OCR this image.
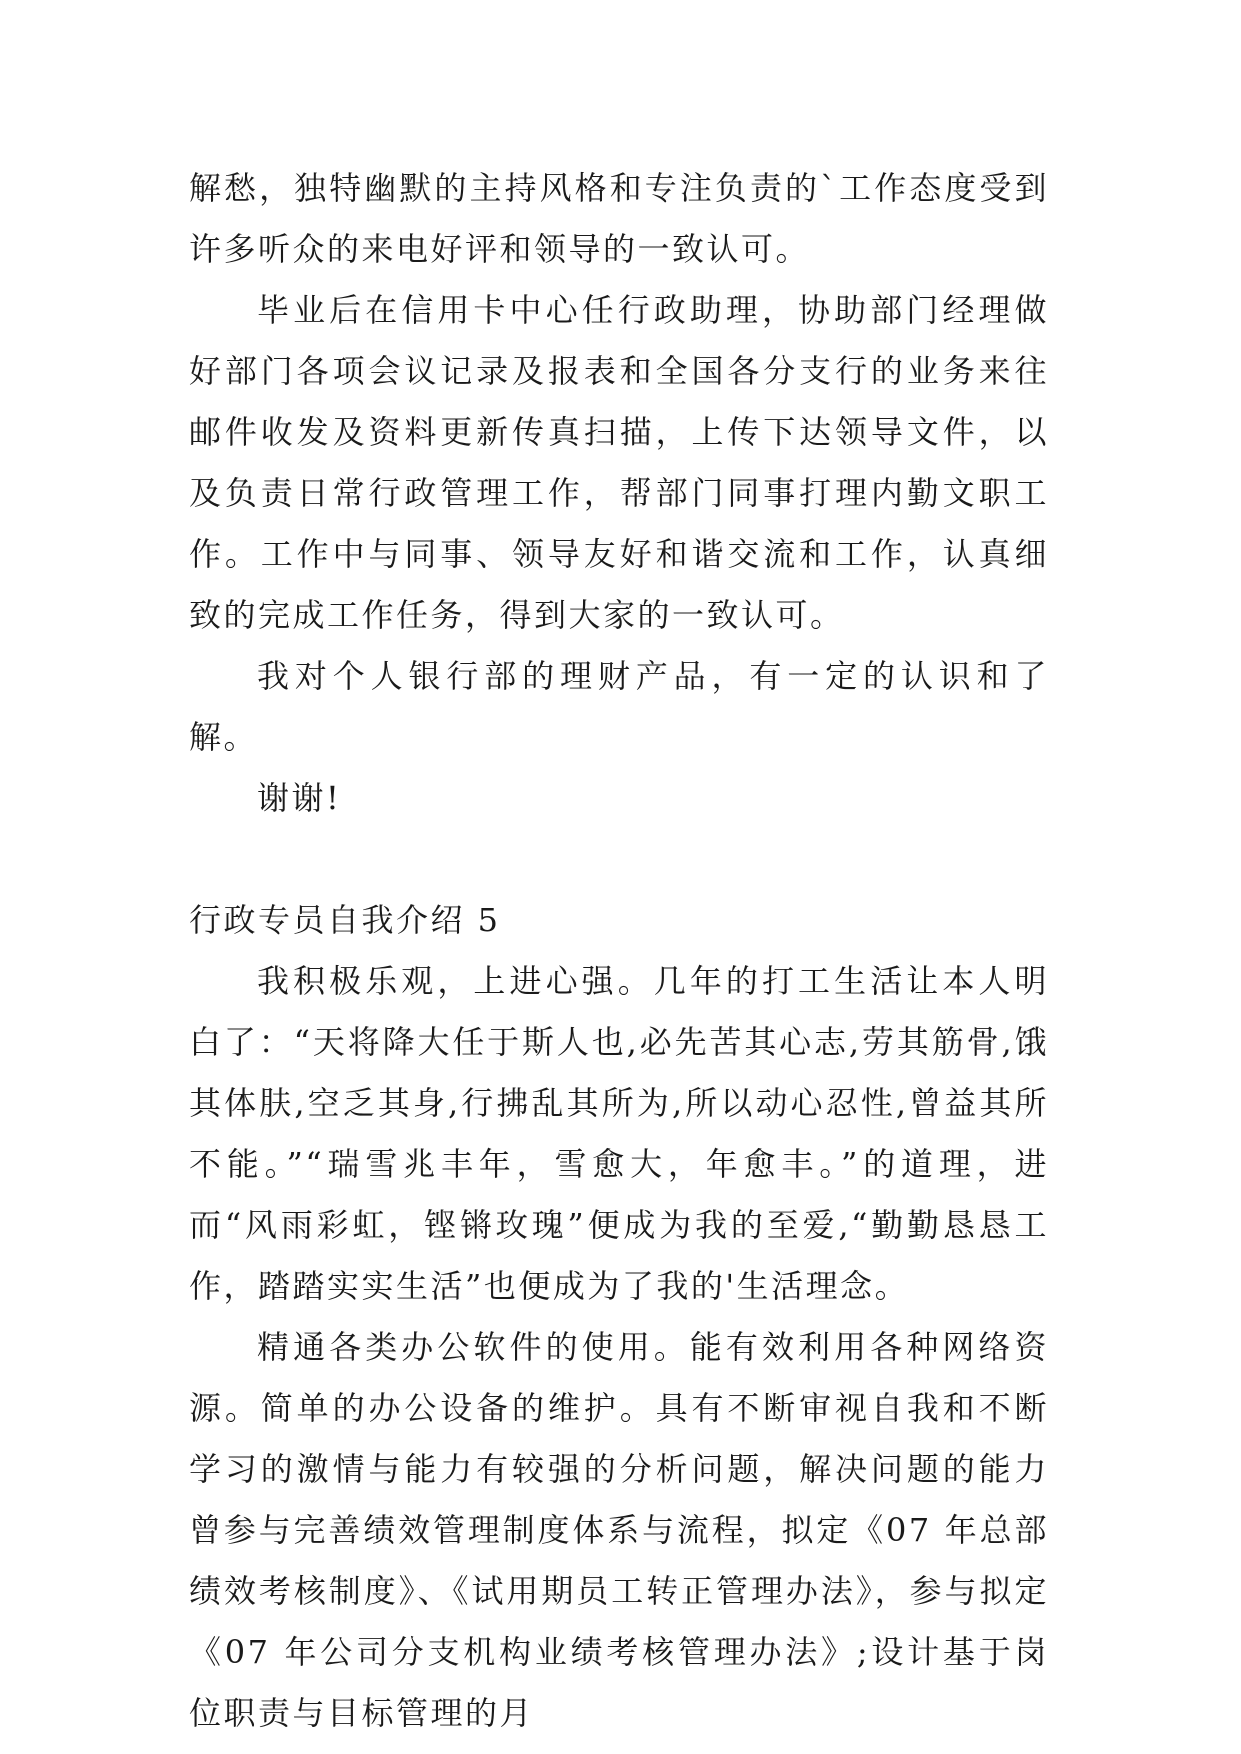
解愁，独特幽默的主持风格和专注负责的`工作态度受到许多听众的来电好评和领导的一致认可。

毕业后在信用卡中心任行政助理，协助部门经理做好部门各项会议记录及报表和全国各分支行的业务来往邮件收发及资料更新传真扫描，上传下达领导文件，以及负责日常行政管理工作，帮部门同事打理内勤文职工作。工作中与同事、领导友好和谐交流和工作，认真细致的完成工作任务，得到大家的一致认可。

我对个人银行部的理财产品，有一定的认识和了解。

谢谢!

行政专员自我介绍 5

我积极乐观，上进心强。几年的打工生活让本人明白了：“天将降大任于斯人也,必先苦其心志,劳其筋骨,饿其体肤,空乏其身,行拂乱其所为,所以动心忍性,曾益其所不能。”“瑞雪兆丰年，雪愈大，年愈丰。”的道理，进而“风雨彩虹，铿锵玫瑰”便成为我的至爱,“勤勤恳恳工作，踏踏实实生活”也便成为了我的'生活理念。

精通各类办公软件的使用。能有效利用各种网络资源。简单的办公设备的维护。具有不断审视自我和不断学习的激情与能力有较强的分析问题，解决问题的能力曾参与完善绩效管理制度体系与流程，拟定《07 年总部绩效考核制度》、《试用期员工转正管理办法》，参与拟定《07 年公司分支机构业绩考核管理办法》;设计基于岗位职责与目标管理的月
